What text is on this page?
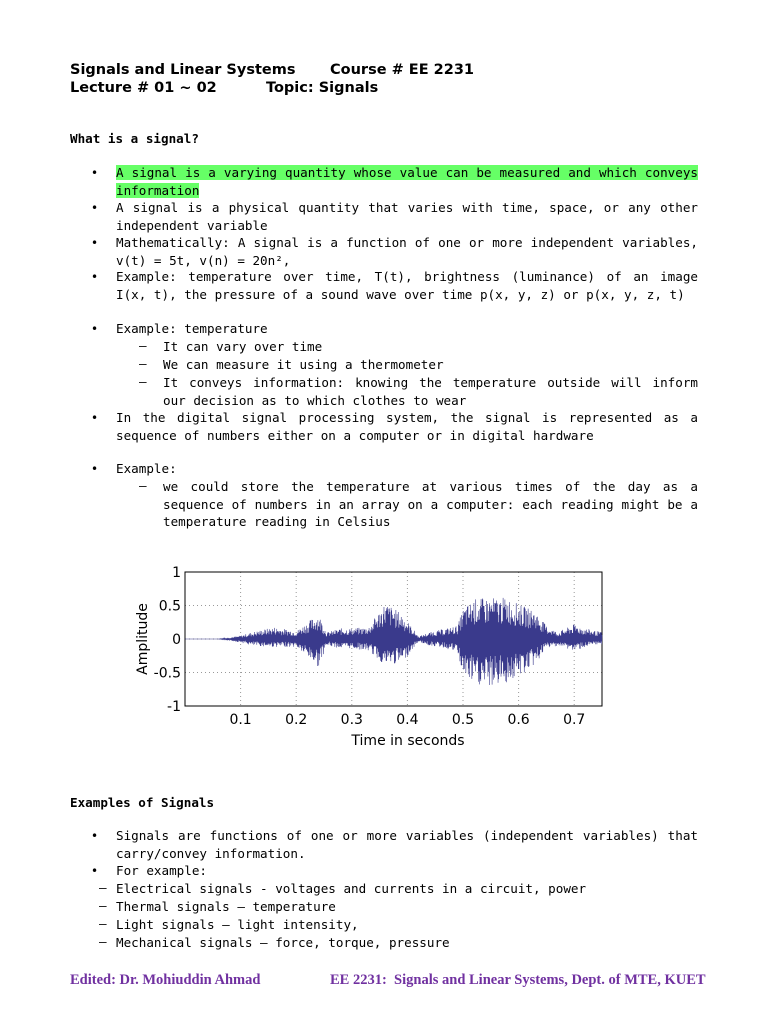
Signals and Linear Systems Course # EE 2231
Lecture # 01 ~ 02	Topic: Signals
What is a signal?
• A signal is a varying quantity whose value can be measured and which conveys information
• A signal is a physical quantity that varies with time, space, or any other independent variable
• Mathematically: A signal is a function of one or more independent variables, v(t) = 5t, v(n) = 20n²,
• Example: temperature over time, T(t), brightness (luminance) of an image I(x, t), the pressure of a sound wave over time p(x, y, z) or p(x, y, z, t)
• Example: temperature
– It can vary over time
– We can measure it using a thermometer
– It conveys information: knowing the temperature outside will inform our decision as to which clothes to wear
• In the digital signal processing system, the signal is represented as a sequence of numbers either on a computer or in digital hardware
• Example:
– we could store the temperature at various times of the day as a sequence of numbers in an array on a computer: each reading might be a temperature reading in Celsius
1
0.5
0
-0.5
-1
0.1 0.2 0.3 0.4 0.5 0.6 0.7
Amplitude
Time in seconds
Examples of Signals
• Signals are functions of one or more variables (independent variables) that carry/convey information.
• For example:
– Electrical signals - voltages and currents in a circuit, power
– Thermal signals – temperature
– Light signals – light intensity,
– Mechanical signals – force, torque, pressure
Edited: Dr. Mohiuddin Ahmad	EE 2231:  Signals and Linear Systems, Dept. of MTE, KUET
